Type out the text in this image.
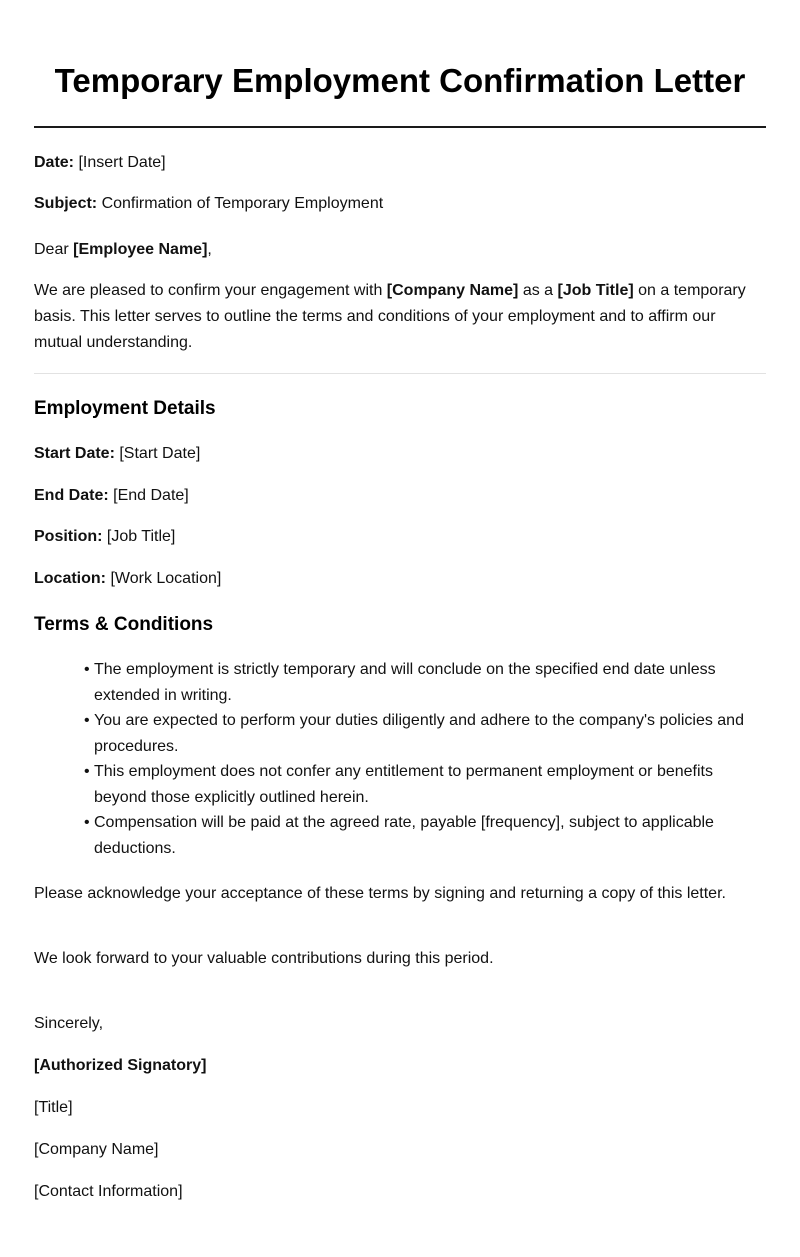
Temporary Employment Confirmation Letter

Date: [Insert Date]

Subject: Confirmation of Temporary Employment

Dear [Employee Name],

We are pleased to confirm your engagement with [Company Name] as a [Job Title] on a temporary basis. This letter serves to outline the terms and conditions of your employment and to affirm our mutual understanding.

Employment Details

Start Date: [Start Date]

End Date: [End Date]

Position: [Job Title]

Location: [Work Location]

Terms & Conditions
• The employment is strictly temporary and will conclude on the specified end date unless extended in writing.
• You are expected to perform your duties diligently and adhere to the company's policies and procedures.
• This employment does not confer any entitlement to permanent employment or benefits beyond those explicitly outlined herein.
• Compensation will be paid at the agreed rate, payable [frequency], subject to applicable deductions.

Please acknowledge your acceptance of these terms by signing and returning a copy of this letter.

We look forward to your valuable contributions during this period.

Sincerely,

[Authorized Signatory]

[Title]

[Company Name]

[Contact Information]
